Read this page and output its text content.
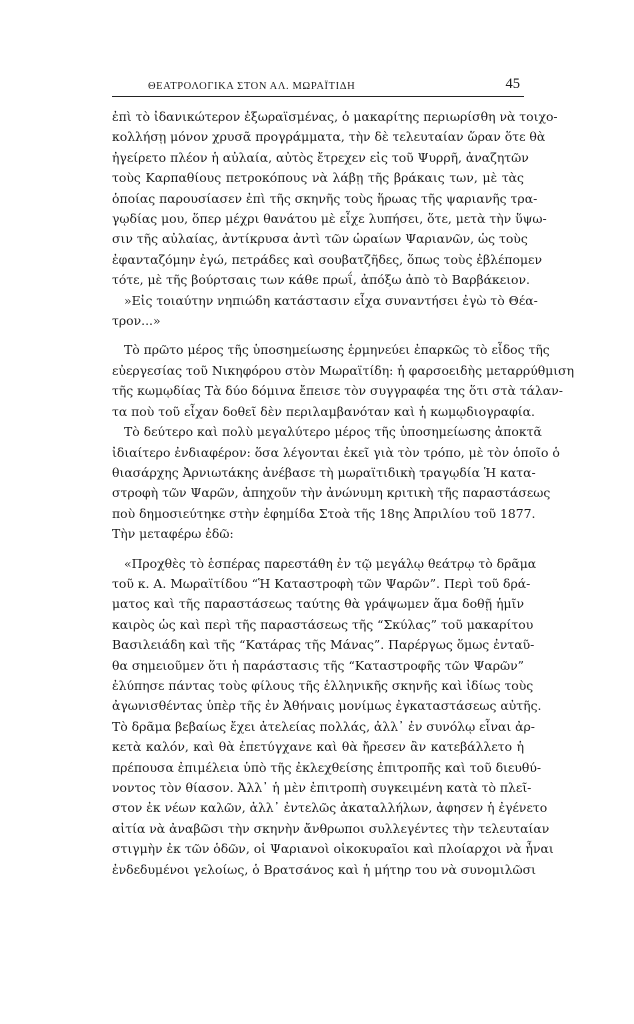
ΘΕΑΤΡΟΛΟΓΙΚΑ ΣΤΟΝ ΑΛ. ΜΩΡΑΪΤΙΔΗ	45

ἐπὶ τὸ ἰδανικώτερον ἐξωραϊσμένας, ὁ μακαρίτης περιωρίσθη νὰ τοιχο-

κολλήσῃ μόνον χρυσᾶ προγράμματα, τὴν δὲ τελευταίαν ὥραν ὅτε θὰ

ἠγείρετο πλέον ἡ αὐλαία, αὐτὸς ἔτρεχεν εἰς τοῦ Ψυρρῆ, ἀναζητῶν

τοὺς Καρπαθίους πετροκόπους νὰ λάβῃ τῆς βράκαις των, μὲ τὰς

ὁποίας παρουσίασεν ἐπὶ τῆς σκηνῆς τοὺς ἥρωας τῆς ψαριανῆς τρα-

γῳδίας μου, ὅπερ μέχρι θανάτου μὲ εἶχε λυπήσει, ὅτε, μετὰ τὴν ὕψω-

σιν τῆς αὐλαίας, ἀντίκρυσα ἀντὶ τῶν ὡραίων Ψαριανῶν, ὡς τοὺς

ἐφανταζόμην ἐγώ, πετράδες καὶ σουβατζῆδες, ὅπως τοὺς ἐβλέπομεν

τότε, μὲ τῆς βούρτσαις των κάθε πρωΐ, ἀπόξω ἀπὸ τὸ Βαρβάκειον.

»Εἰς τοιαύτην νηπιώδη κατάστασιν εἶχα συναντήσει ἐγὼ τὸ Θέα-

τρον...»

Τὸ πρῶτο μέρος τῆς ὑποσημείωσης ἑρμηνεύει ἐπαρκῶς τὸ εἶδος τῆς

εὐεργεσίας τοῦ Νικηφόρου στὸν Μωραϊτίδη: ἡ φαρσοειδὴς μεταρρύθμιση

τῆς κωμῳδίας Τὰ δύο δόμινα ἔπεισε τὸν συγγραφέα της ὅτι στὰ τάλαν-

τα ποὺ τοῦ εἶχαν δοθεῖ δὲν περιλαμβανόταν καὶ ἡ κωμῳδιογραφία.

Τὸ δεύτερο καὶ πολὺ μεγαλύτερο μέρος τῆς ὑποσημείωσης ἀποκτᾶ

ἰδιαίτερο ἐνδιαφέρον: ὅσα λέγονται ἐκεῖ γιὰ τὸν τρόπο, μὲ τὸν ὁποῖο ὁ

θιασάρχης Ἀρνιωτάκης ἀνέβασε τὴ μωραϊτιδικὴ τραγῳδία Ἡ κατα-

στροφὴ τῶν Ψαρῶν, ἀπηχοῦν τὴν ἀνώνυμη κριτικὴ τῆς παραστάσεως

ποὺ δημοσιεύτηκε στὴν ἐφημίδα Στοὰ τῆς 18ης Ἀπριλίου τοῦ 1877.

Τὴν μεταφέρω ἐδῶ:

«Προχθὲς τὸ ἑσπέρας παρεστάθη ἐν τῷ μεγάλῳ θεάτρῳ τὸ δρᾶμα

τοῦ κ. Α. Μωραϊτίδου “Ἡ Καταστροφὴ τῶν Ψαρῶν”. Περὶ τοῦ δρά-

ματος καὶ τῆς παραστάσεως ταύτης θὰ γράψωμεν ἅμα δοθῇ ἡμῖν

καιρὸς ὡς καὶ περὶ τῆς παραστάσεως τῆς “Σκύλας” τοῦ μακαρίτου

Βασιλειάδη καὶ τῆς “Κατάρας τῆς Μάνας”. Παρέργως ὅμως ἐνταῦ-

θα σημειοῦμεν ὅτι ἡ παράστασις τῆς “Καταστροφῆς τῶν Ψαρῶν”

ἐλύπησε πάντας τοὺς φίλους τῆς ἑλληνικῆς σκηνῆς καὶ ἰδίως τοὺς

ἀγωνισθέντας ὑπὲρ τῆς ἐν Ἀθήναις μονίμως ἐγκαταστάσεως αὐτῆς.

Τὸ δρᾶμα βεβαίως ἔχει ἀτελείας πολλάς, ἀλλ᾽ ἐν συνόλῳ εἶναι ἀρ-

κετὰ καλόν, καὶ θὰ ἐπετύγχανε καὶ θὰ ἤρεσεν ἂν κατεβάλλετο ἡ

πρέπουσα ἐπιμέλεια ὑπὸ τῆς ἐκλεχθείσης ἐπιτροπῆς καὶ τοῦ διευθύ-

νοντος τὸν θίασον. Ἀλλ᾽ ἡ μὲν ἐπιτροπὴ συγκειμένη κατὰ τὸ πλεῖ-

στον ἐκ νέων καλῶν, ἀλλ᾽ ἐντελῶς ἀκαταλλήλων, ἀφησεν ἡ ἐγένετο

αἰτία νὰ ἀναβῶσι τὴν σκηνὴν ἄνθρωποι συλλεγέντες τὴν τελευταίαν

στιγμὴν ἐκ τῶν ὁδῶν, οἱ Ψαριανοὶ οἰκοκυραῖοι καὶ πλοίαρχοι νὰ ἦναι

ἐνδεδυμένοι γελοίως, ὁ Βρατσάνος καὶ ἡ μήτηρ του νὰ συνομιλῶσι
